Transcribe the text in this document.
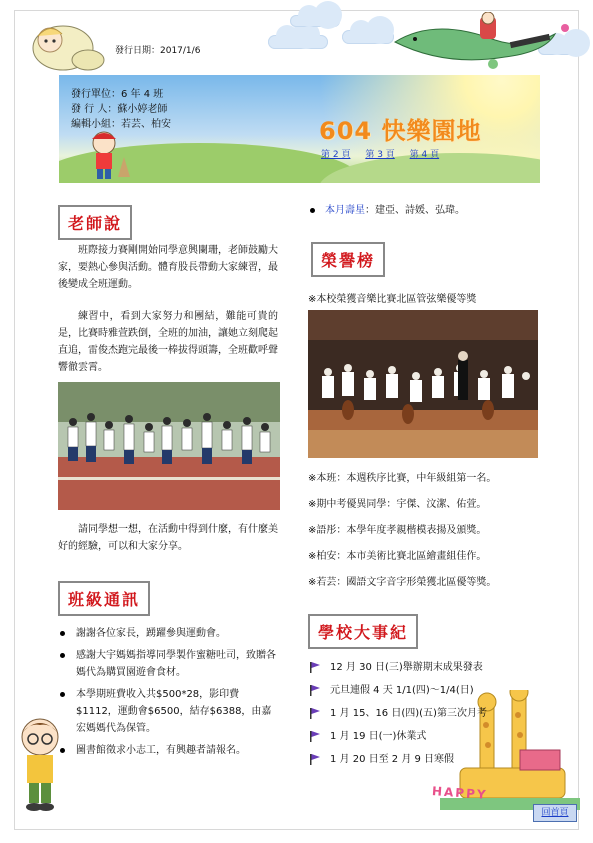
發行日期：2017/1/6
發行單位：6 年 4 班
發 行 人：蘇小婷老師
編輯小組：若芸、柏安	604 快樂園地
第 2 頁 第 3 頁 第 4 頁
老師說
班際接力賽剛開始同學意興闌珊，老師鼓勵大家，要熱心參與活動。體育股長帶動大家練習，最後變成全班運動。
練習中，看到大家努力和團結，難能可貴的是，比賽時雅萱跌倒，全班的加油，讓她立刻爬起直追，雷俊杰跑完最後一棒拔得頭籌，全班歡呼聲響徹雲霄。
請同學想一想，在活動中得到什麼，有什麼美好的經驗，可以和大家分享。
班級通訊
謝謝各位家長，踴躍參與運動會。
感謝大宇媽媽指導同學製作蜜糖吐司，致贈各媽代為購買園遊會食材。
本學期班費收入共$500*28，影印費$1112，運動會$6500，結存$6388，由嘉宏媽媽代為保管。
圖書館徵求小志工，有興趣者請報名。
本月壽星：建亞、詩媛、弘瑋。
榮譽榜
※本校榮獲音樂比賽北區管弦樂優等獎
※本班：本週秩序比賽，中年級組第一名。
※期中考優異同學：宇傑、汶潔、佑萱。
※語彤：本學年度孝親楷模表揚及頒獎。
※柏安：本市美術比賽北區繪畫組佳作。
※若芸：國語文字音字形榮獲北區優等獎。
學校大事紀
12 月 30 日(三)舉辦期末成果發表
元旦連假 4 天 1/1(四)～1/4(日)
1 月 15、16 日(四)(五)第三次月考
1 月 19 日(一)休業式
1 月 20 日至 2 月 9 日寒假
HAPPY
回首頁
